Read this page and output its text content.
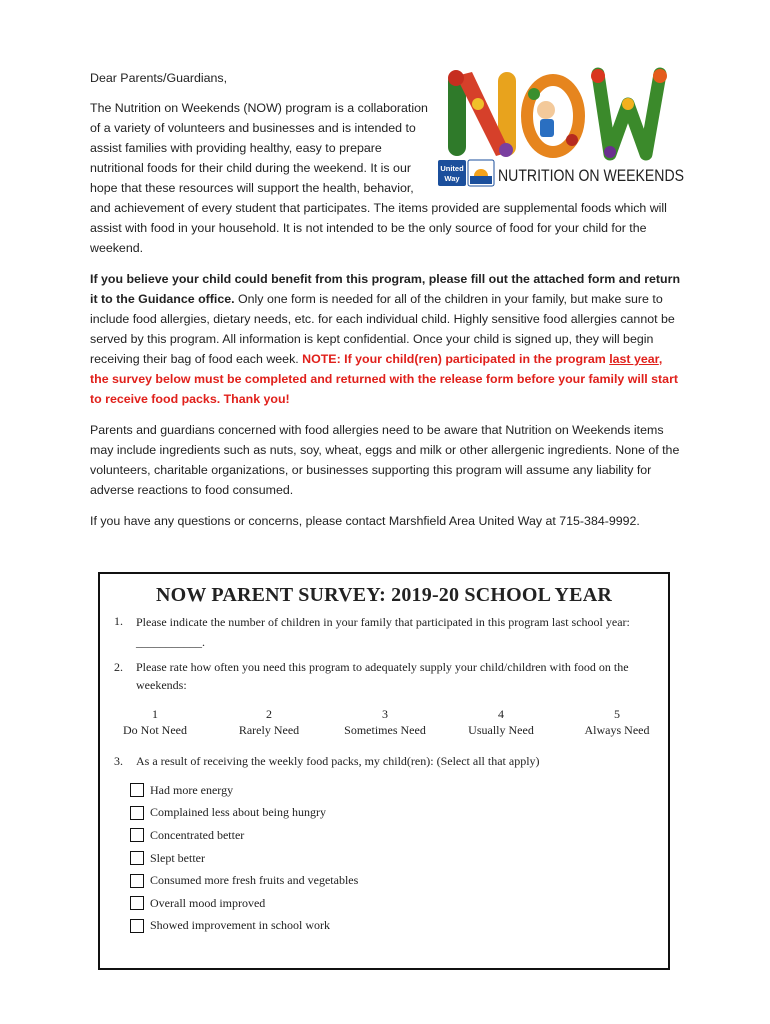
United
Way NUTRITION ON WEEKENDS

Dear Parents/Guardians,

The Nutrition on Weekends (NOW) program is a collaboration of a variety of volunteers and businesses and is intended to assist families with providing healthy, easy to prepare nutritional foods for their child during the weekend. It is our hope that these resources will support the health, behavior, and achievement of every student that participates. The items provided are supplemental foods which will assist with food in your household. It is not intended to be the only source of food for your child for the weekend.

If you believe your child could benefit from this program, please fill out the attached form and return it to the Guidance office. Only one form is needed for all of the children in your family, but make sure to include food allergies, dietary needs, etc. for each individual child. Highly sensitive food allergies cannot be served by this program. All information is kept confidential. Once your child is signed up, they will begin receiving their bag of food each week. NOTE: If your child(ren) participated in the program last year, the survey below must be completed and returned with the release form before your family will start to receive food packs. Thank you!

Parents and guardians concerned with food allergies need to be aware that Nutrition on Weekends items may include ingredients such as nuts, soy, wheat, eggs and milk or other allergenic ingredients. None of the volunteers, charitable organizations, or businesses supporting this program will assume any liability for adverse reactions to food consumed.

If you have any questions or concerns, please contact Marshfield Area United Way at 715-384-9992.

NOW PARENT SURVEY: 2019-20 SCHOOL YEAR
1. Please indicate the number of children in your family that participated in this program last school year: ___________.
2. Please rate how often you need this program to adequately supply your child/children with food on the weekends:
1
Do Not Need
2
Rarely Need
3
Sometimes Need
4
Usually Need
5
Always Need
3. As a result of receiving the weekly food packs, my child(ren): (Select all that apply)
Had more energy
Complained less about being hungry
Concentrated better
Slept better
Consumed more fresh fruits and vegetables
Overall mood improved
Showed improvement in school work
